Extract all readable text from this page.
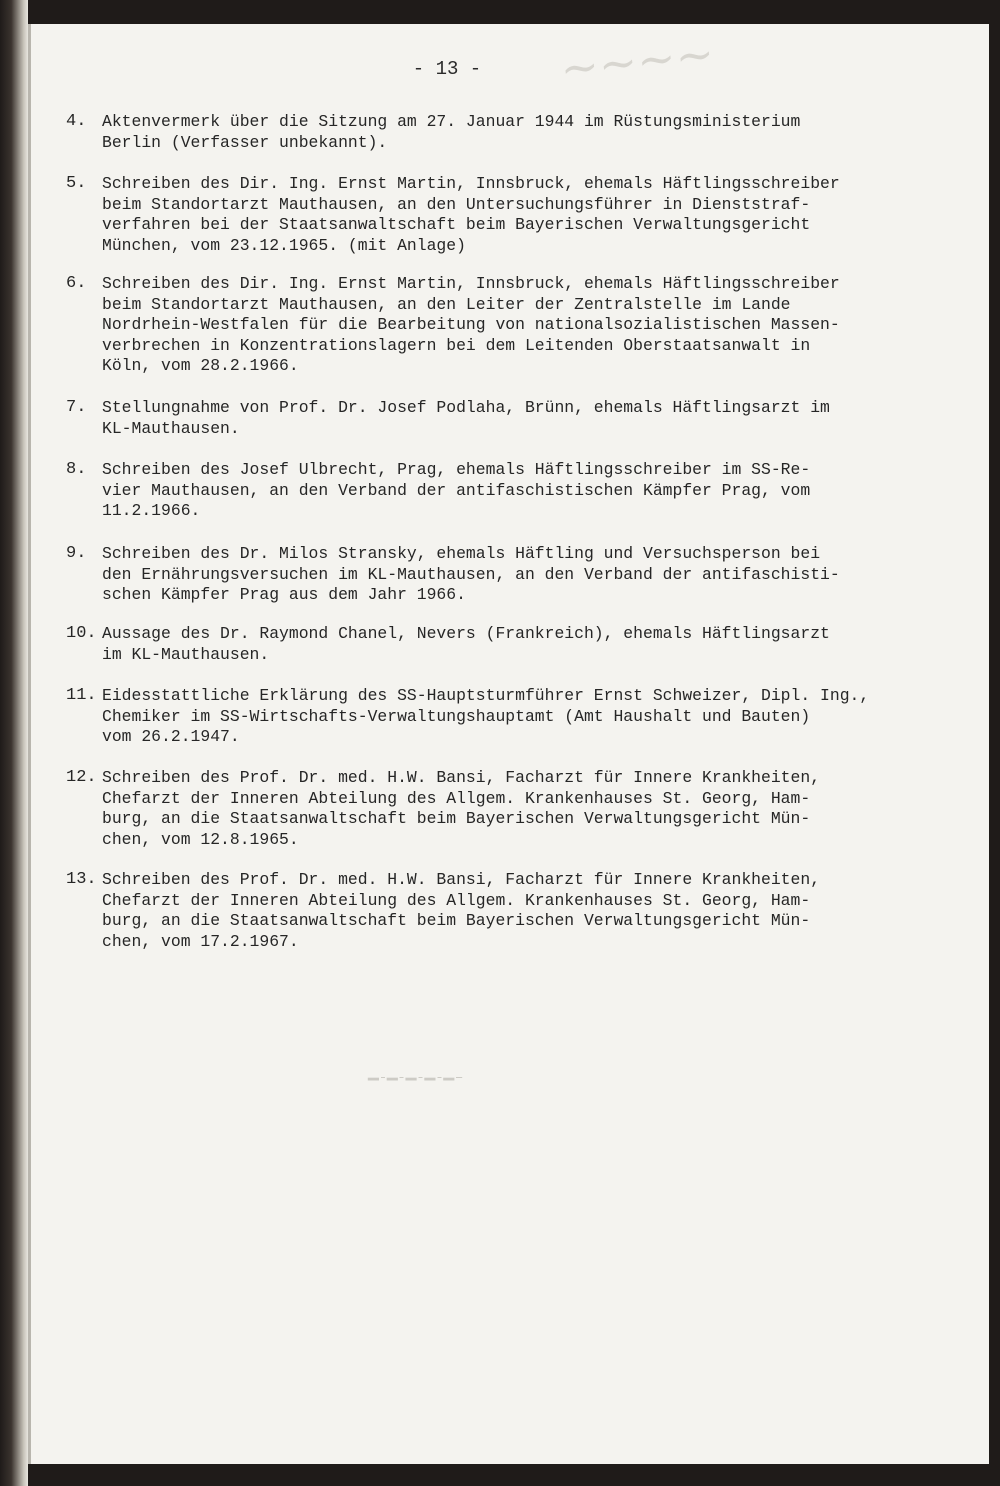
~~~~
▁▁▁▁▁
- 13 -
4. Aktenvermerk über die Sitzung am 27. Januar 1944 im Rüstungsministerium
Berlin (Verfasser unbekannt).
5. Schreiben des Dir. Ing. Ernst Martin, Innsbruck, ehemals Häftlingsschreiber
beim Standortarzt Mauthausen, an den Untersuchungsführer in Dienststraf-
verfahren bei der Staatsanwaltschaft beim Bayerischen Verwaltungsgericht
München, vom 23.12.1965. (mit Anlage)
6. Schreiben des Dir. Ing. Ernst Martin, Innsbruck, ehemals Häftlingsschreiber
beim Standortarzt Mauthausen, an den Leiter der Zentralstelle im Lande
Nordrhein-Westfalen für die Bearbeitung von nationalsozialistischen Massen-
verbrechen in Konzentrationslagern bei dem Leitenden Oberstaatsanwalt in
Köln, vom 28.2.1966.
7. Stellungnahme von Prof. Dr. Josef Podlaha, Brünn, ehemals Häftlingsarzt im
KL-Mauthausen.
8. Schreiben des Josef Ulbrecht, Prag, ehemals Häftlingsschreiber im SS-Re-
vier Mauthausen, an den Verband der antifaschistischen Kämpfer Prag, vom
11.2.1966.
9. Schreiben des Dr. Milos Stransky, ehemals Häftling und Versuchsperson bei
den Ernährungsversuchen im KL-Mauthausen, an den Verband der antifaschisti-
schen Kämpfer Prag aus dem Jahr 1966.
10. Aussage des Dr. Raymond Chanel, Nevers (Frankreich), ehemals Häftlingsarzt
im KL-Mauthausen.
11. Eidesstattliche Erklärung des SS-Hauptsturmführer Ernst Schweizer, Dipl. Ing.,
Chemiker im SS-Wirtschafts-Verwaltungshauptamt (Amt Haushalt und Bauten)
vom 26.2.1947.
12. Schreiben des Prof. Dr. med. H.W. Bansi, Facharzt für Innere Krankheiten,
Chefarzt der Inneren Abteilung des Allgem. Krankenhauses St. Georg, Ham-
burg, an die Staatsanwaltschaft beim Bayerischen Verwaltungsgericht Mün-
chen, vom 12.8.1965.
13. Schreiben des Prof. Dr. med. H.W. Bansi, Facharzt für Innere Krankheiten,
Chefarzt der Inneren Abteilung des Allgem. Krankenhauses St. Georg, Ham-
burg, an die Staatsanwaltschaft beim Bayerischen Verwaltungsgericht Mün-
chen, vom 17.2.1967.
